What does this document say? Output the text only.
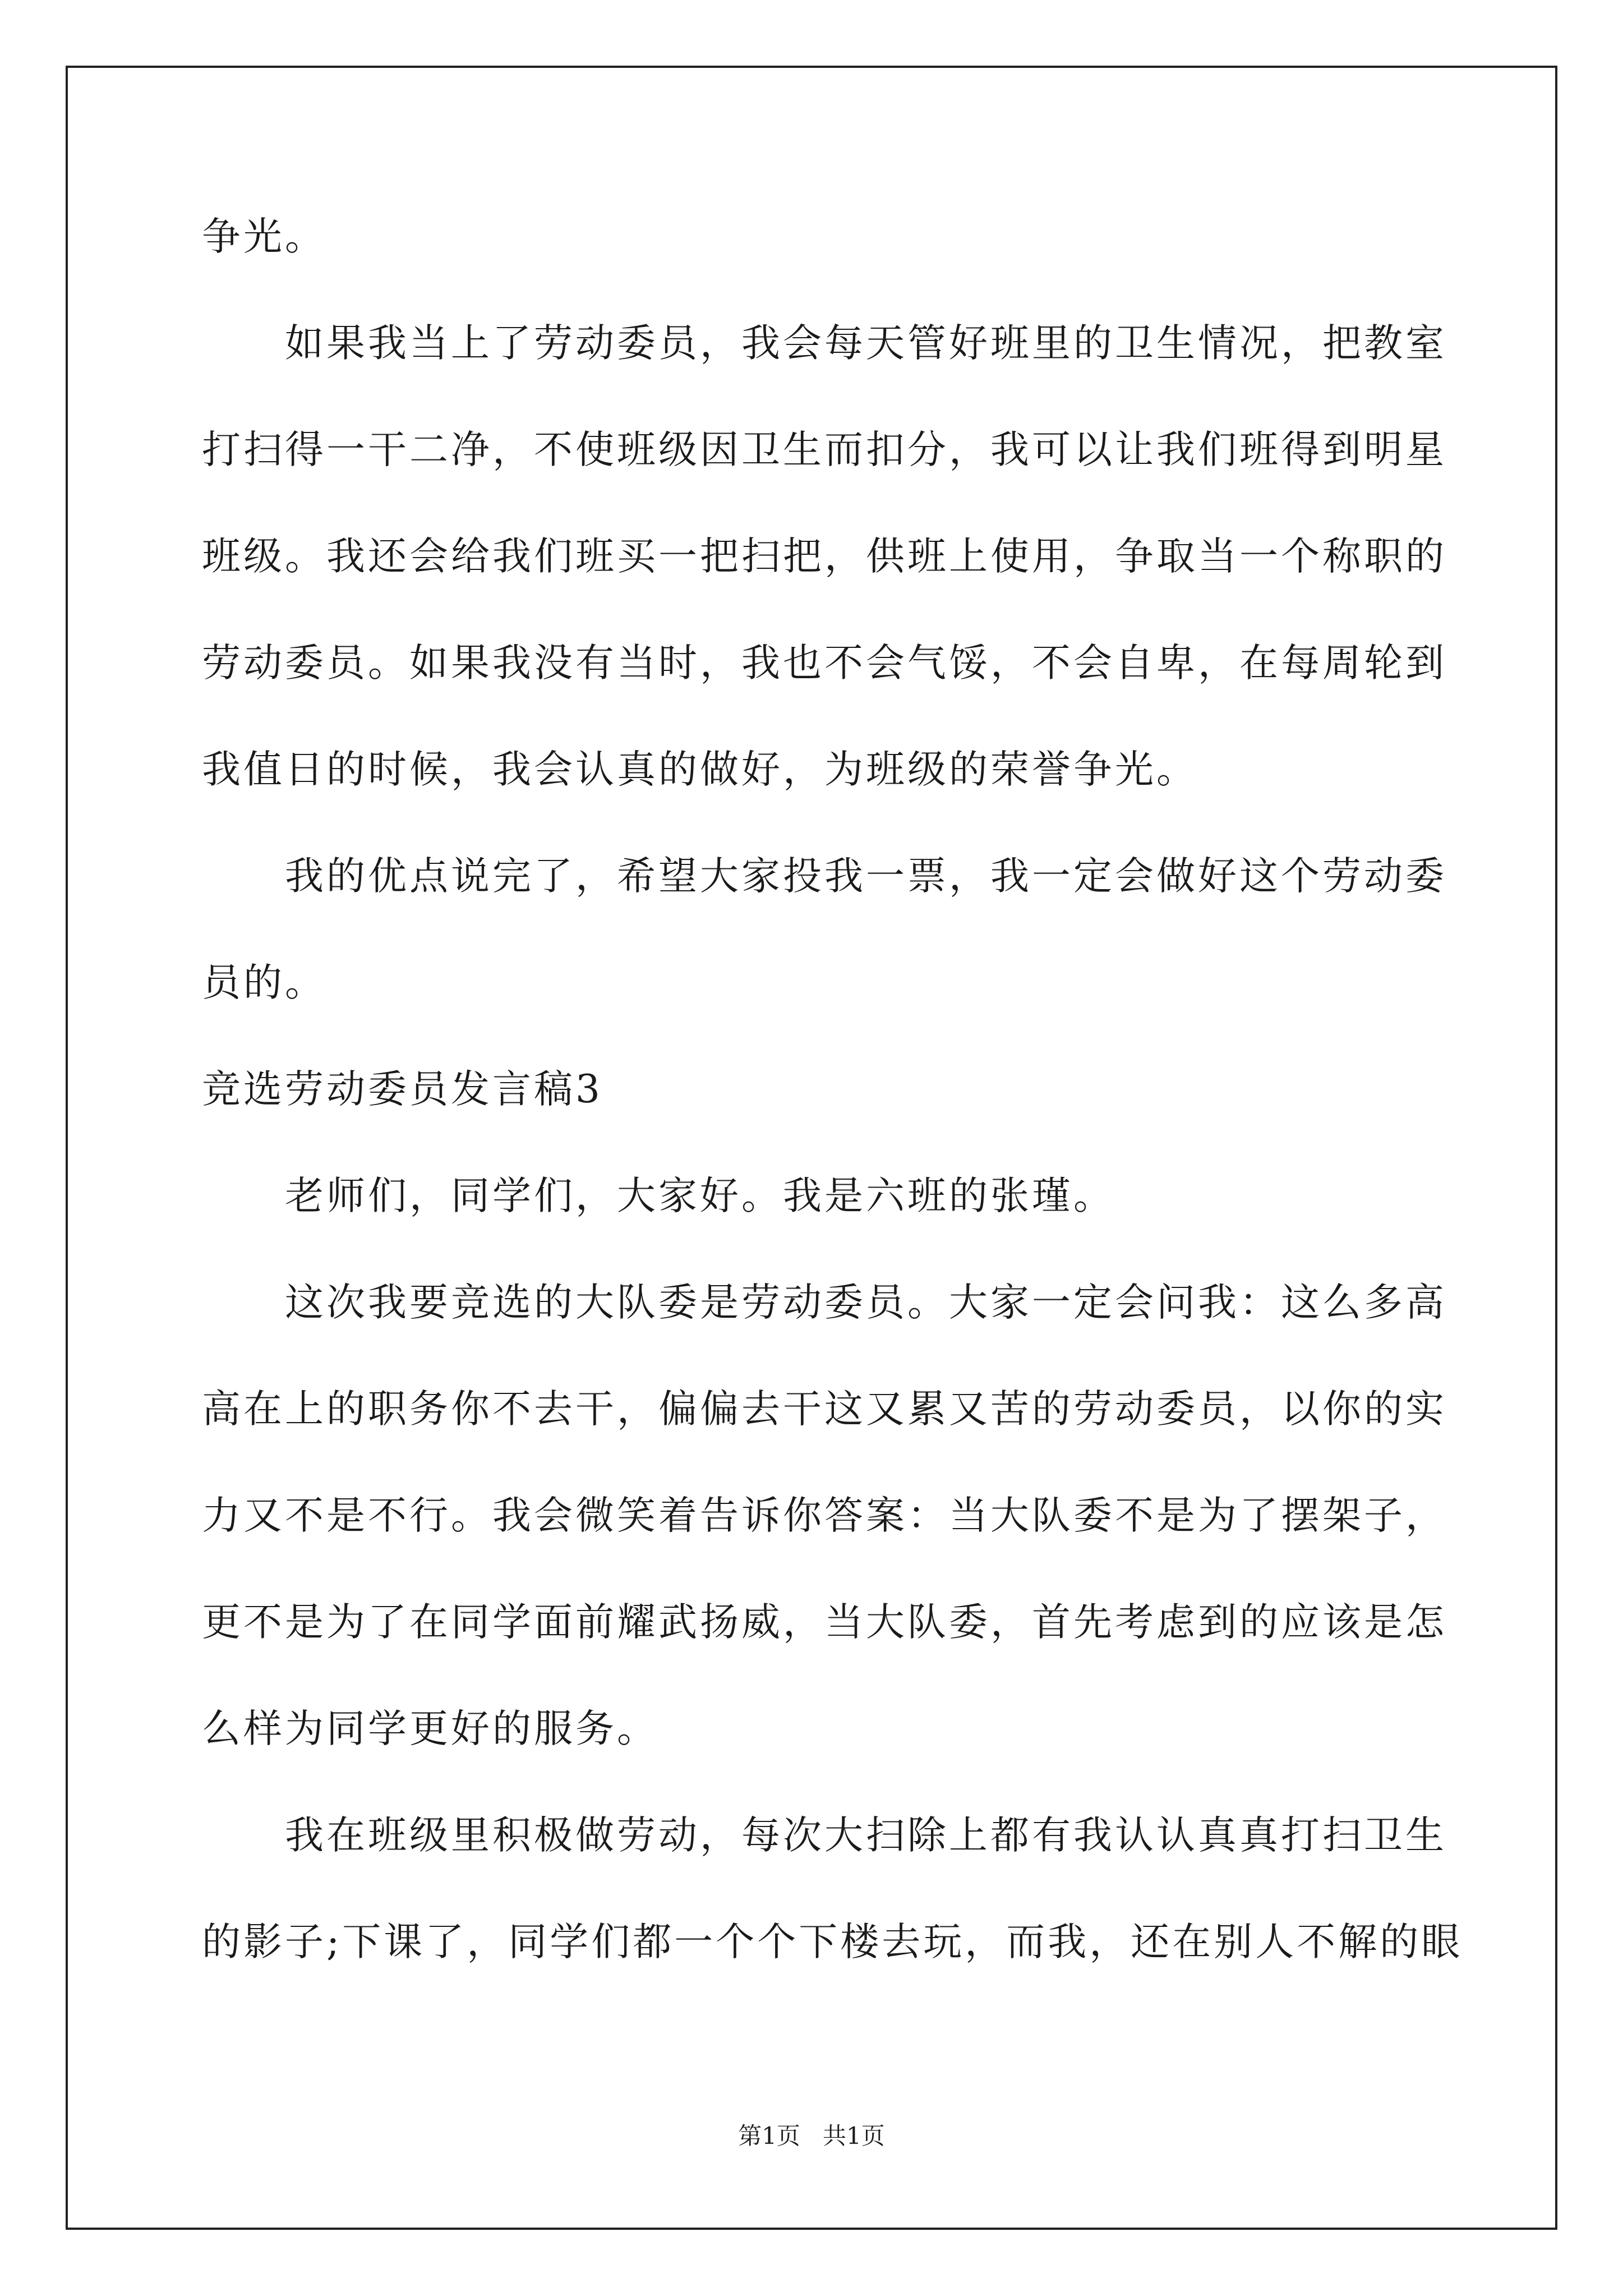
争光。
如果我当上了劳动委员，我会每天管好班里的卫生情况，把教室
打扫得一干二净，不使班级因卫生而扣分，我可以让我们班得到明星
班级。我还会给我们班买一把扫把，供班上使用，争取当一个称职的
劳动委员。如果我没有当时，我也不会气馁，不会自卑，在每周轮到
我值日的时候，我会认真的做好，为班级的荣誉争光。
我的优点说完了，希望大家投我一票，我一定会做好这个劳动委
员的。
竞选劳动委员发言稿3
老师们，同学们，大家好。我是六班的张瑾。
这次我要竞选的大队委是劳动委员。大家一定会问我：这么多高
高在上的职务你不去干，偏偏去干这又累又苦的劳动委员，以你的实
力又不是不行。我会微笑着告诉你答案：当大队委不是为了摆架子，
更不是为了在同学面前耀武扬威，当大队委，首先考虑到的应该是怎
么样为同学更好的服务。
我在班级里积极做劳动，每次大扫除上都有我认认真真打扫卫生
的影子;下课了，同学们都一个个下楼去玩，而我，还在别人不解的眼
第1页   共1页
